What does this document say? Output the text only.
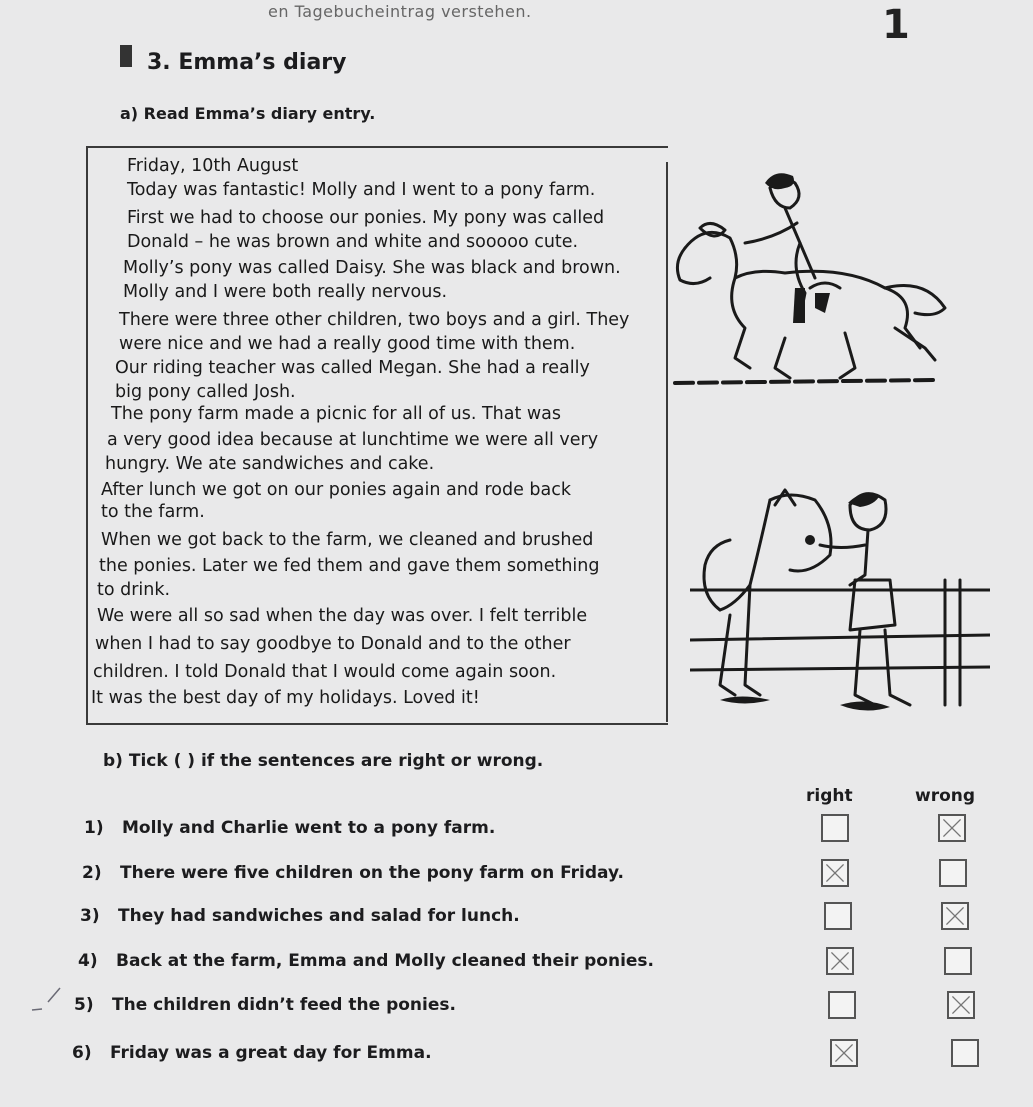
en Tagebucheintrag verstehen.	1
3. Emma’s diary
a) Read Emma’s diary entry.
Friday, 10th August
Today was fantastic! Molly and I went to a pony farm.
First we had to choose our ponies. My pony was called
Donald – he was brown and white and sooooo cute.
Molly’s pony was called Daisy. She was black and brown.
Molly and I were both really nervous.
There were three other children, two boys and a girl. They
were nice and we had a really good time with them.
Our riding teacher was called Megan. She had a really
big pony called Josh.
The pony farm made a picnic for all of us. That was
a very good idea because at lunchtime we were all very
hungry. We ate sandwiches and cake.
After lunch we got on our ponies again and rode back
to the farm.
When we got back to the farm, we cleaned and brushed
the ponies. Later we fed them and gave them something
to drink.
We were all so sad when the day was over. I felt terrible
when I had to say goodbye to Donald and to the other
children. I told Donald that I would come again soon.
It was the best day of my holidays. Loved it!
b) Tick ( ) if the sentences are right or wrong.
right	wrong
1) Molly and Charlie went to a pony farm.
2) There were five children on the pony farm on Friday.
3) They had sandwiches and salad for lunch.
4) Back at the farm, Emma and Molly cleaned their ponies.
5) The children didn’t feed the ponies.
6) Friday was a great day for Emma.
